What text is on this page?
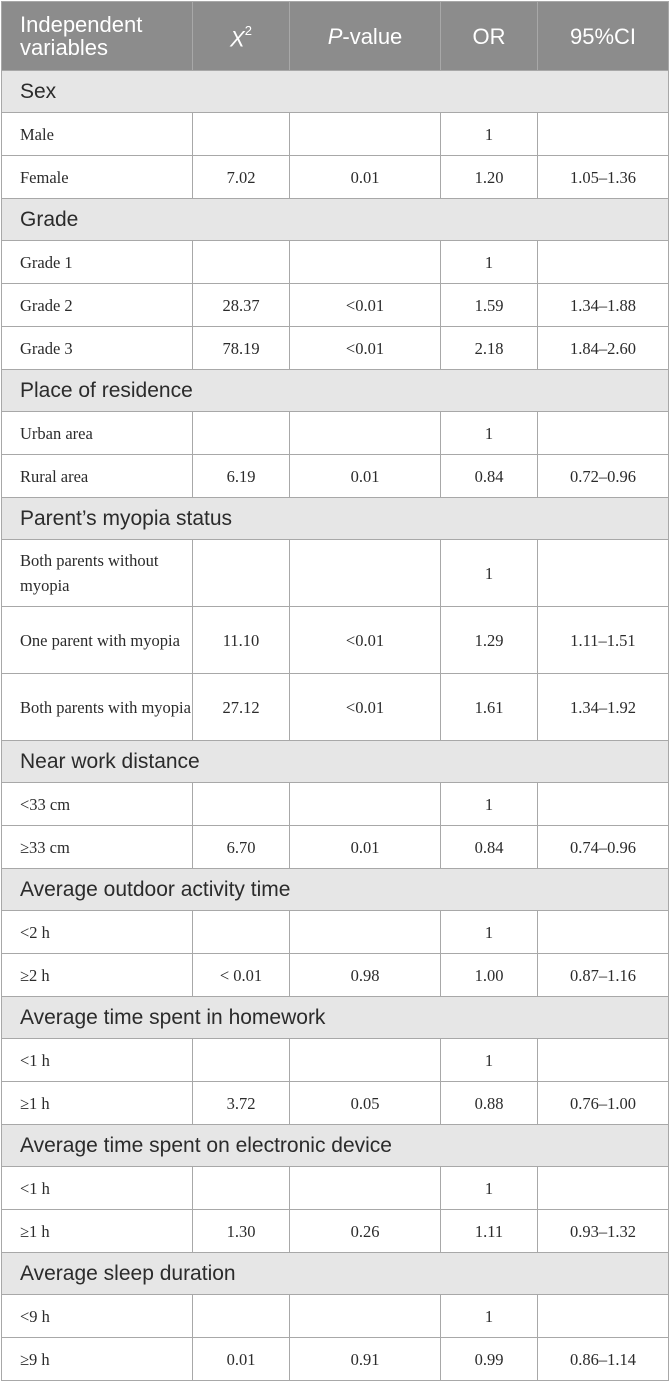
Independent variables	$X^2$	P-value	OR	95%CI
Sex				
Male			1	
Female	7.02	0.01	1.20	1.05–1.36
Grade				
Grade 1			1	
Grade 2	28.37	<0.01	1.59	1.34–1.88
Grade 3	78.19	<0.01	2.18	1.84–2.60
Place of residence				
Urban area			1	
Rural area	6.19	0.01	0.84	0.72–0.96
Parent’s myopia status				
Both parents without myopia			1	
One parent with myopia	11.10	<0.01	1.29	1.11–1.51
Both parents with myopia	27.12	<0.01	1.61	1.34–1.92
Near work distance				
<33 cm			1	
≥33 cm	6.70	0.01	0.84	0.74–0.96
Average outdoor activity time				
<2 h			1	
≥2 h	< 0.01	0.98	1.00	0.87–1.16
Average time spent in homework				
<1 h			1	
≥1 h	3.72	0.05	0.88	0.76–1.00
Average time spent on electronic device				
<1 h			1	
≥1 h	1.30	0.26	1.11	0.93–1.32
Average sleep duration				
<9 h			1	
≥9 h	0.01	0.91	0.99	0.86–1.14
